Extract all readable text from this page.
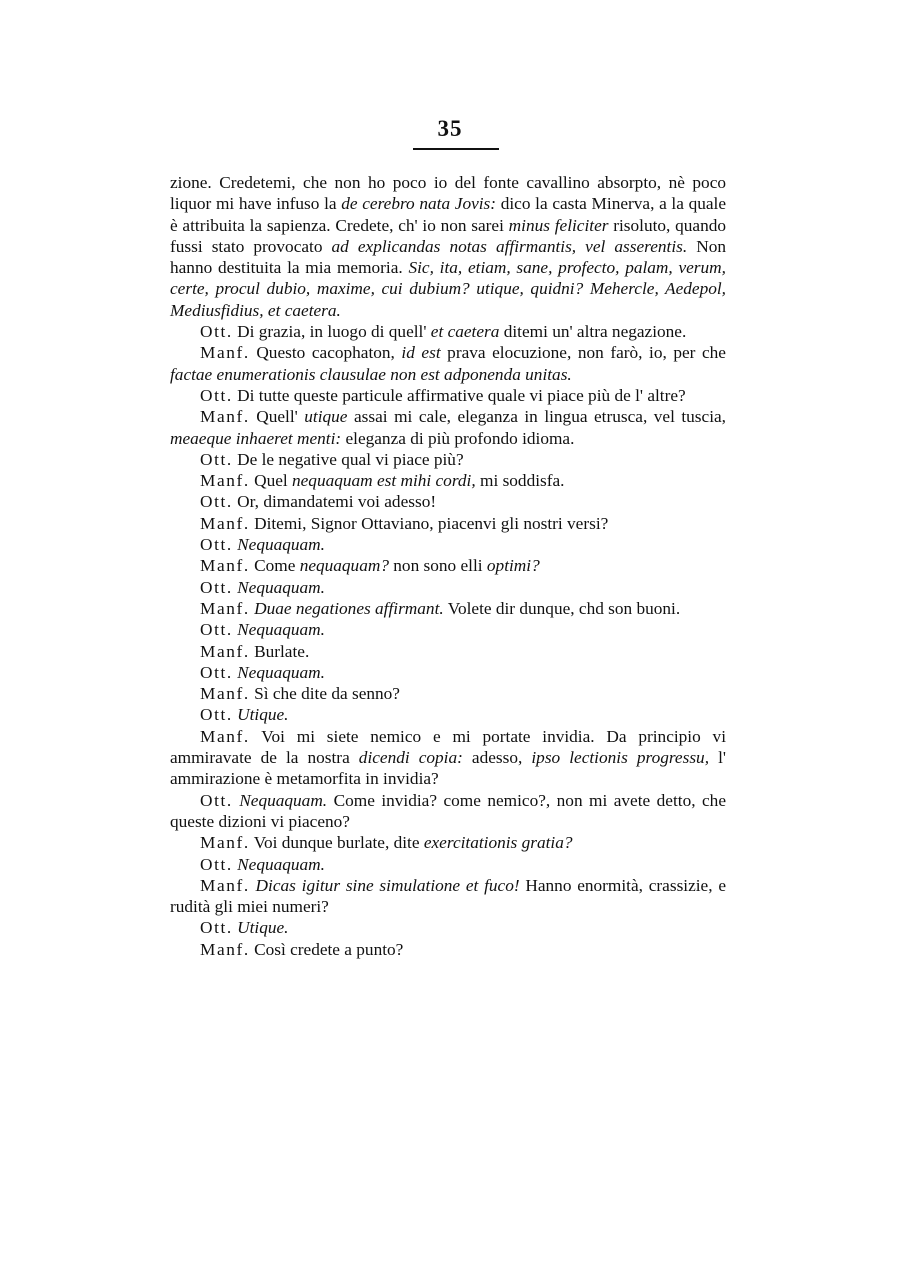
35

zione. Credetemi, che non ho poco io del fonte cavallino absorpto, nè poco liquor mi have infuso la de cerebro nata Jovis: dico la casta Minerva, a la quale è attribuita la sapienza. Credete, ch' io non sarei minus feliciter risoluto, quando fussi stato provocato ad explicandas notas affirmantis, vel asserentis. Non hanno destituita la mia memoria. Sic, ita, etiam, sane, profecto, palam, verum, certe, procul dubio, maxime, cui dubium? utique, quidni? Mehercle, Aedepol, Mediusfidius, et caetera.

Ott. Di grazia, in luogo di quell' et caetera ditemi un' altra negazione.

Manf. Questo cacophaton, id est prava elocuzione, non farò, io, per che factae enumerationis clausulae non est adponenda unitas.

Ott. Di tutte queste particule affirmative quale vi piace più de l' altre?

Manf. Quell' utique assai mi cale, eleganza in lingua etrusca, vel tuscia, meaeque inhaeret menti: eleganza di più profondo idioma.

Ott. De le negative qual vi piace più?

Manf. Quel nequaquam est mihi cordi, mi soddisfa.

Ott. Or, dimandatemi voi adesso!

Manf. Ditemi, Signor Ottaviano, piacenvi gli nostri versi?

Ott. Nequaquam.

Manf. Come nequaquam? non sono elli optimi?

Ott. Nequaquam.

Manf. Duae negationes affirmant. Volete dir dunque, chd son buoni.

Ott. Nequaquam.

Manf. Burlate.

Ott. Nequaquam.

Manf. Sì che dite da senno?

Ott. Utique.

Manf. Voi mi siete nemico e mi portate invidia. Da principio vi ammiravate de la nostra dicendi copia: adesso, ipso lectionis progressu, l' ammirazione è metamorfita in invidia?

Ott. Nequaquam. Come invidia? come nemico?, non mi avete detto, che queste dizioni vi piaceno?

Manf. Voi dunque burlate, dite exercitationis gratia?

Ott. Nequaquam.

Manf. Dicas igitur sine simulatione et fuco! Hanno enormità, crassizie, e rudità gli miei numeri?

Ott. Utique.

Manf. Così credete a punto?
